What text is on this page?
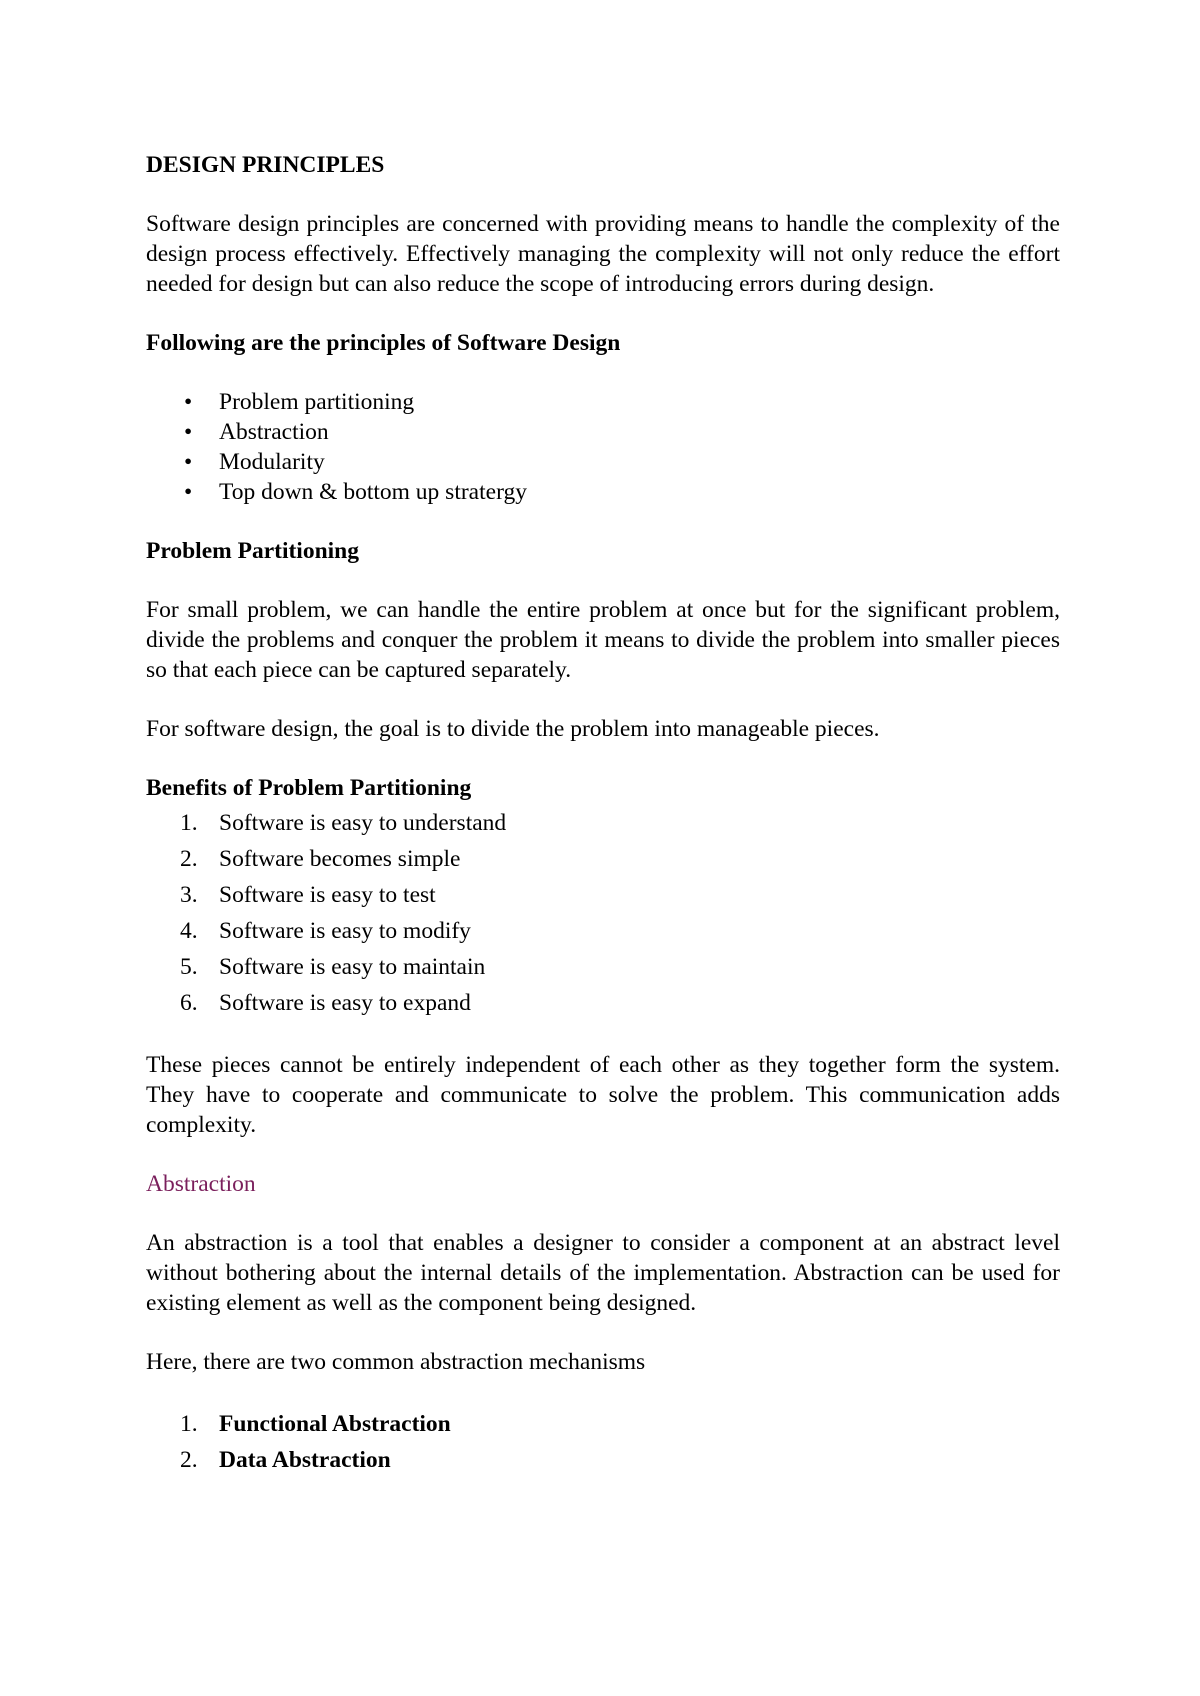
DESIGN PRINCIPLES
Software design principles are concerned with providing means to handle the complexity of the design process effectively. Effectively managing the complexity will not only reduce the effort needed for design but can also reduce the scope of introducing errors during design.
Following are the principles of Software Design
• Problem partitioning
• Abstraction
• Modularity
• Top down & bottom up stratergy
Problem Partitioning
For small problem, we can handle the entire problem at once but for the significant problem, divide the problems and conquer the problem it means to divide the problem into smaller pieces so that each piece can be captured separately.
For software design, the goal is to divide the problem into manageable pieces.
Benefits of Problem Partitioning
1. Software is easy to understand
2. Software becomes simple
3. Software is easy to test
4. Software is easy to modify
5. Software is easy to maintain
6. Software is easy to expand
These pieces cannot be entirely independent of each other as they together form the system. They have to cooperate and communicate to solve the problem. This communication adds complexity.
Abstraction
An abstraction is a tool that enables a designer to consider a component at an abstract level without bothering about the internal details of the implementation. Abstraction can be used for existing element as well as the component being designed.
Here, there are two common abstraction mechanisms
1. Functional Abstraction
2. Data Abstraction
